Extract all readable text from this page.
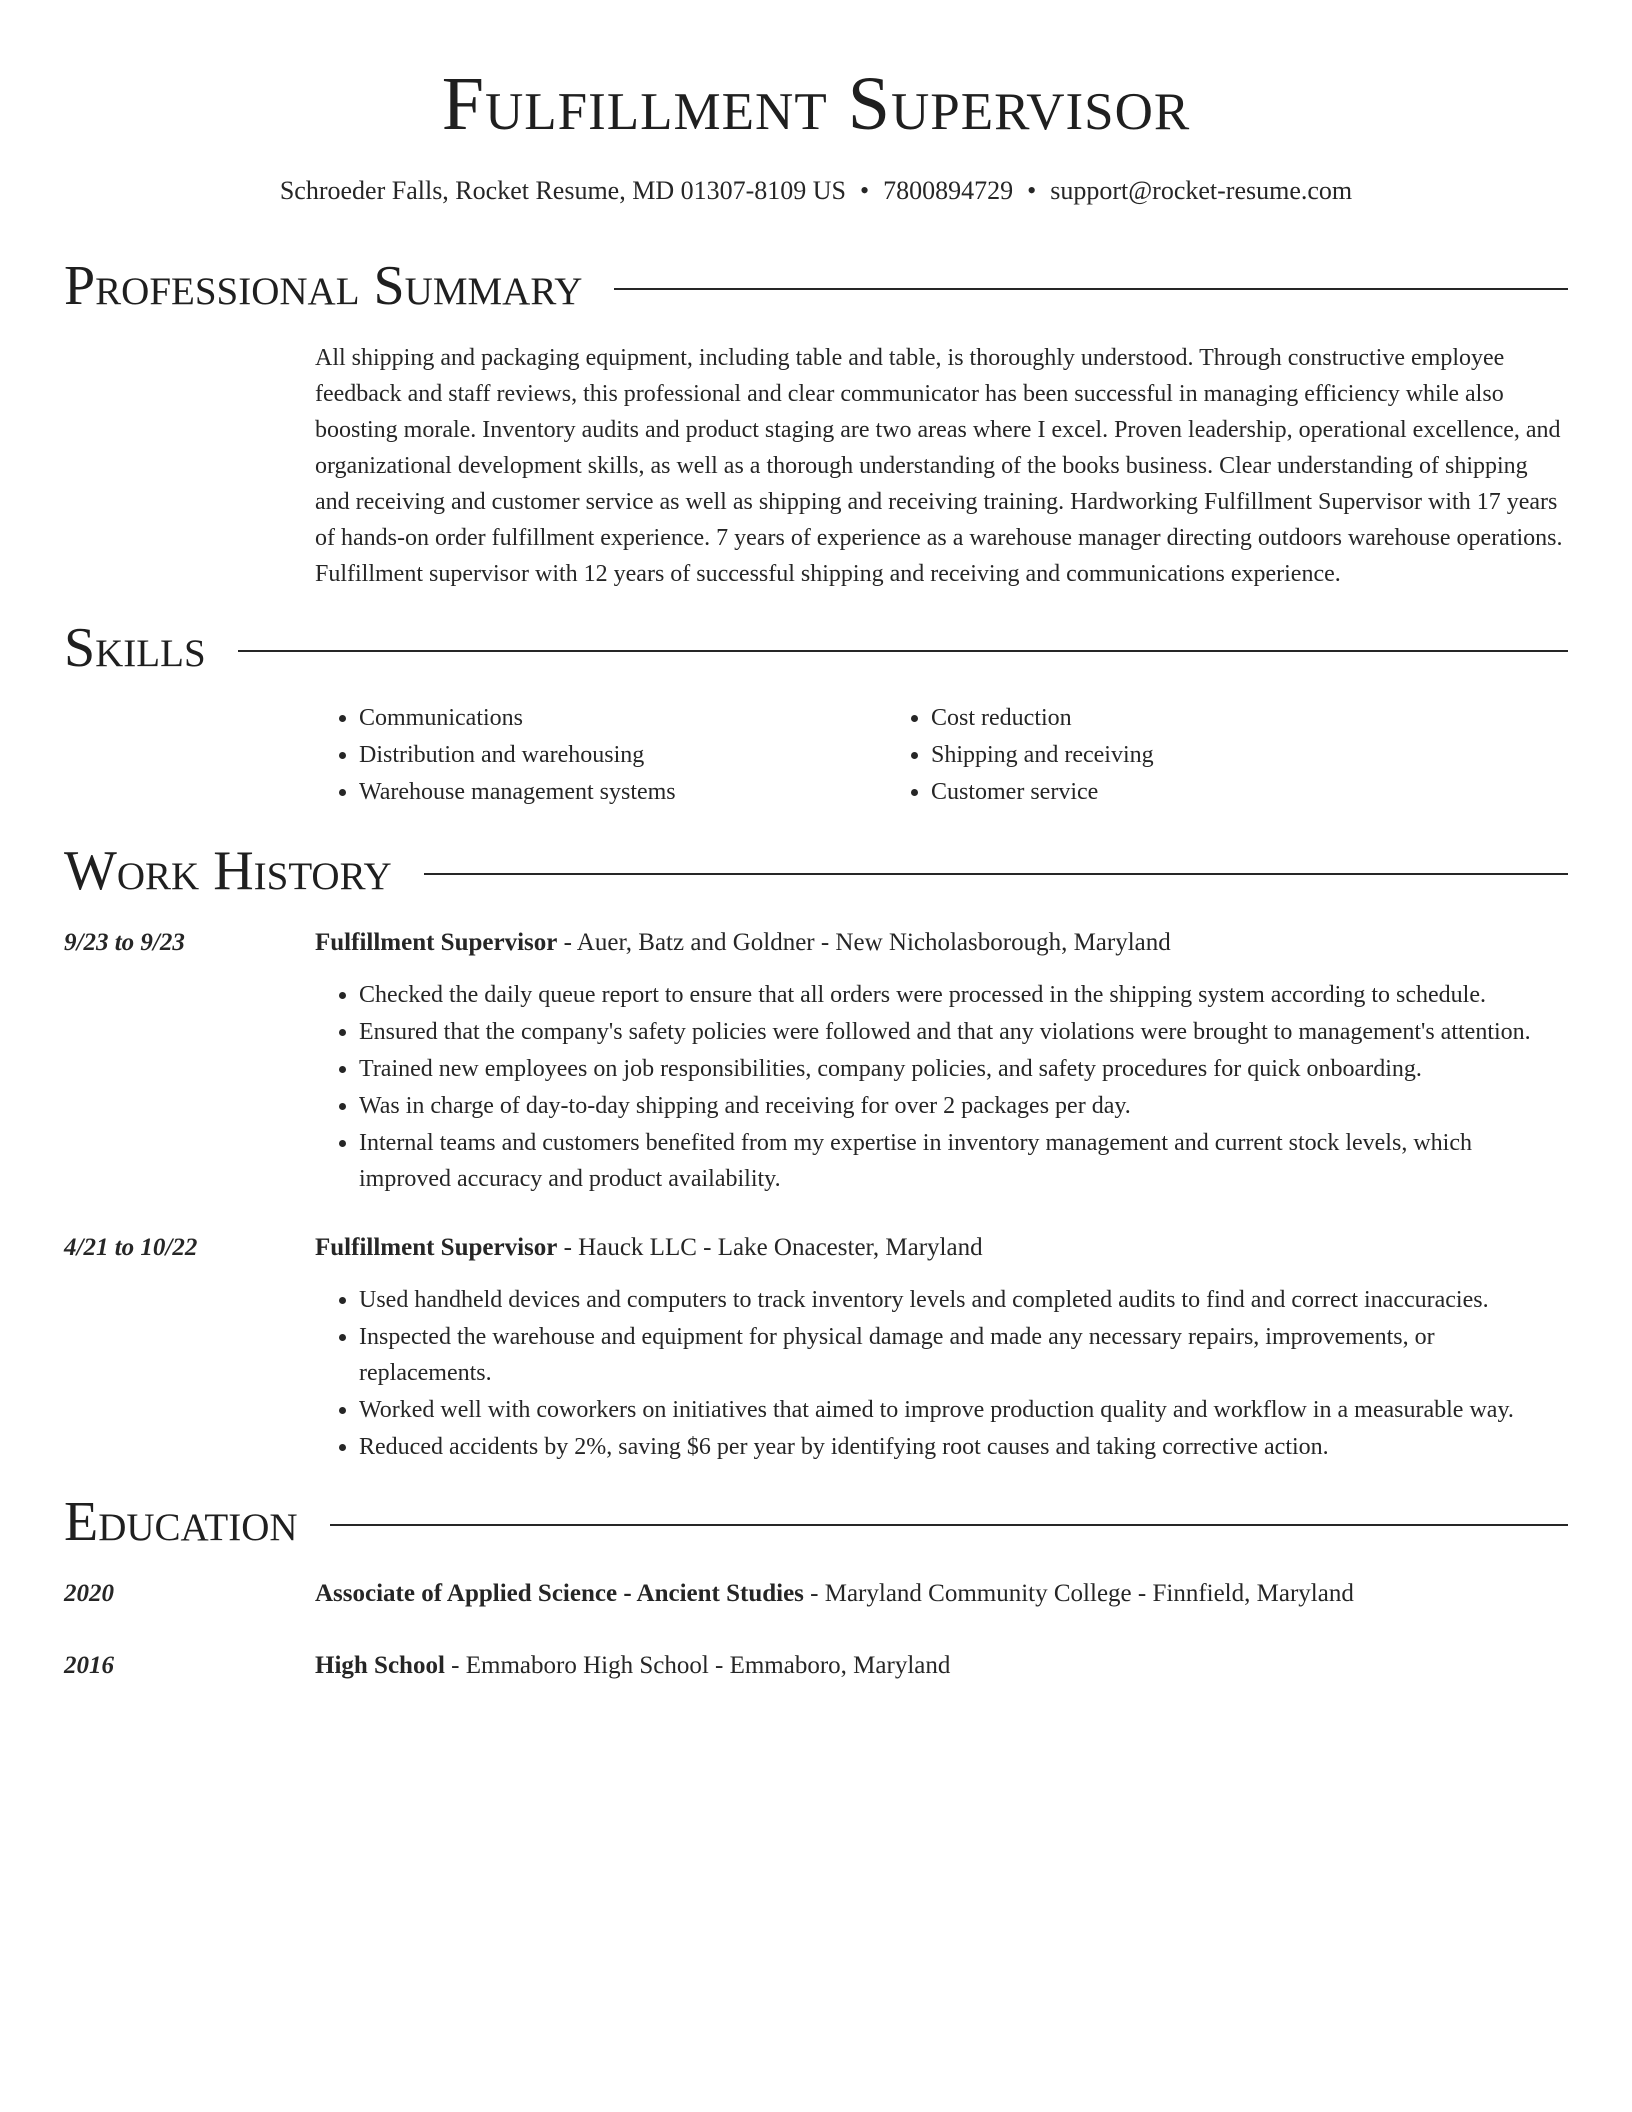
Fulfillment Supervisor
Schroeder Falls, Rocket Resume, MD 01307-8109 US • 7800894729 • support@rocket-resume.com
Professional Summary
All shipping and packaging equipment, including table and table, is thoroughly understood. Through constructive employee feedback and staff reviews, this professional and clear communicator has been successful in managing efficiency while also boosting morale. Inventory audits and product staging are two areas where I excel. Proven leadership, operational excellence, and organizational development skills, as well as a thorough understanding of the books business. Clear understanding of shipping and receiving and customer service as well as shipping and receiving training. Hardworking Fulfillment Supervisor with 17 years of hands-on order fulfillment experience. 7 years of experience as a warehouse manager directing outdoors warehouse operations. Fulfillment supervisor with 12 years of successful shipping and receiving and communications experience.
Skills
• Communications
• Distribution and warehousing
• Warehouse management systems
• Cost reduction
• Shipping and receiving
• Customer service
Work History
9/23 to 9/23	Fulfillment Supervisor - Auer, Batz and Goldner - New Nicholasborough, Maryland
• Checked the daily queue report to ensure that all orders were processed in the shipping system according to schedule.
• Ensured that the company's safety policies were followed and that any violations were brought to management's attention.
• Trained new employees on job responsibilities, company policies, and safety procedures for quick onboarding.
• Was in charge of day-to-day shipping and receiving for over 2 packages per day.
• Internal teams and customers benefited from my expertise in inventory management and current stock levels, which improved accuracy and product availability.
4/21 to 10/22	Fulfillment Supervisor - Hauck LLC - Lake Onacester, Maryland
• Used handheld devices and computers to track inventory levels and completed audits to find and correct inaccuracies.
• Inspected the warehouse and equipment for physical damage and made any necessary repairs, improvements, or replacements.
• Worked well with coworkers on initiatives that aimed to improve production quality and workflow in a measurable way.
• Reduced accidents by 2%, saving $6 per year by identifying root causes and taking corrective action.
Education
2020	Associate of Applied Science - Ancient Studies - Maryland Community College - Finnfield, Maryland
2016	High School - Emmaboro High School - Emmaboro, Maryland
